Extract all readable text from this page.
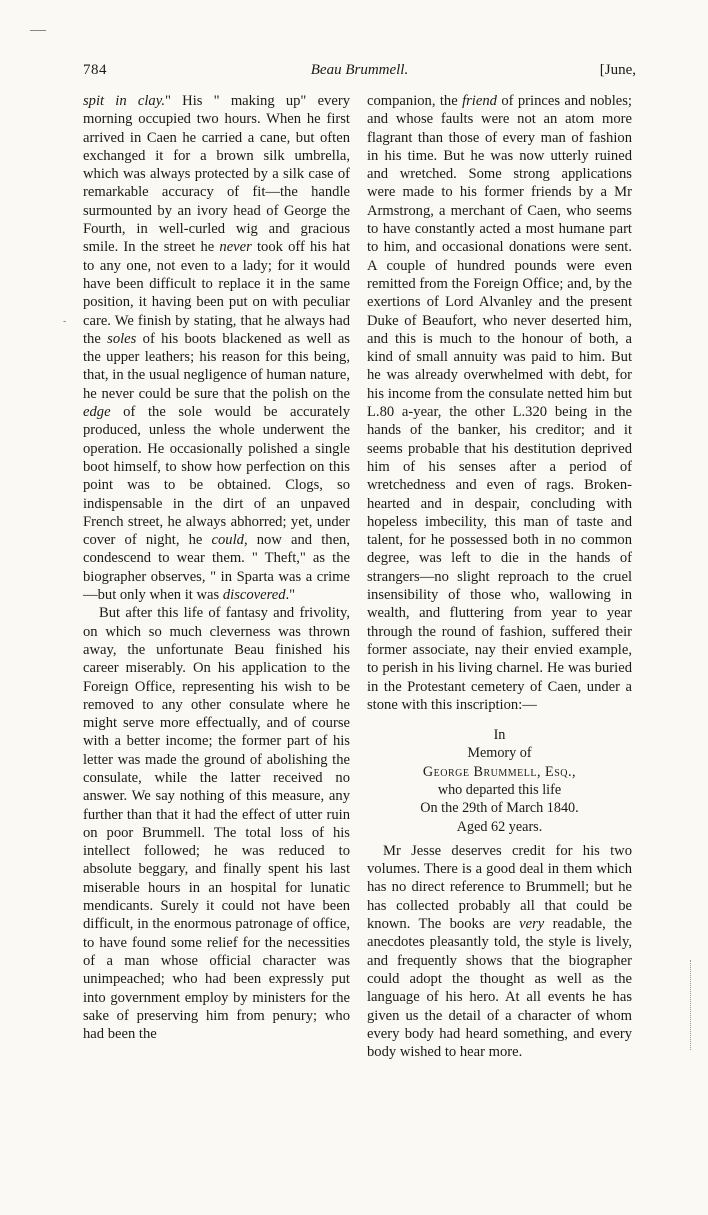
-
784	Beau Brummell.	[June,

spit in clay." His " making up" every morning occupied two hours. When he first arrived in Caen he carried a cane, but often exchanged it for a brown silk umbrella, which was always protected by a silk case of remarkable accuracy of fit—the handle surmounted by an ivory head of George the Fourth, in well-curled wig and gracious smile. In the street he never took off his hat to any one, not even to a lady; for it would have been difficult to replace it in the same position, it having been put on with peculiar care. We finish by stating, that he always had the soles of his boots blackened as well as the upper leathers; his reason for this being, that, in the usual negligence of human nature, he never could be sure that the polish on the edge of the sole would be accurately produced, unless the whole underwent the operation. He occasionally polished a single boot himself, to show how perfection on this point was to be obtained. Clogs, so indispensable in the dirt of an unpaved French street, he always abhorred; yet, under cover of night, he could, now and then, condescend to wear them. " Theft," as the biographer observes, " in Sparta was a crime—but only when it was discovered."

But after this life of fantasy and frivolity, on which so much cleverness was thrown away, the unfortunate Beau finished his career miserably. On his application to the Foreign Office, representing his wish to be removed to any other consulate where he might serve more effectually, and of course with a better income; the former part of his letter was made the ground of abolishing the consulate, while the latter received no answer. We say nothing of this measure, any further than that it had the effect of utter ruin on poor Brummell. The total loss of his intellect followed; he was reduced to absolute beggary, and finally spent his last miserable hours in an hospital for lunatic mendicants. Surely it could not have been difficult, in the enormous patronage of office, to have found some relief for the necessities of a man whose official character was unimpeached; who had been expressly put into government employ by ministers for the sake of preserving him from penury; who had been the

companion, the friend of princes and nobles; and whose faults were not an atom more flagrant than those of every man of fashion in his time. But he was now utterly ruined and wretched. Some strong applications were made to his former friends by a Mr Armstrong, a merchant of Caen, who seems to have constantly acted a most humane part to him, and occasional donations were sent. A couple of hundred pounds were even remitted from the Foreign Office; and, by the exertions of Lord Alvanley and the present Duke of Beaufort, who never deserted him, and this is much to the honour of both, a kind of small annuity was paid to him. But he was already overwhelmed with debt, for his income from the consulate netted him but L.80 a-year, the other L.320 being in the hands of the banker, his creditor; and it seems probable that his destitution deprived him of his senses after a period of wretchedness and even of rags. Broken-hearted and in despair, concluding with hopeless imbecility, this man of taste and talent, for he possessed both in no common degree, was left to die in the hands of strangers—no slight reproach to the cruel insensibility of those who, wallowing in wealth, and fluttering from year to year through the round of fashion, suffered their former associate, nay their envied example, to perish in his living charnel. He was buried in the Protestant cemetery of Caen, under a stone with this inscription:—

In
Memory of
George Brummell, Esq.,
who departed this life
On the 29th of March 1840.
Aged 62 years.

Mr Jesse deserves credit for his two volumes. There is a good deal in them which has no direct reference to Brummell; but he has collected probably all that could be known. The books are very readable, the anecdotes pleasantly told, the style is lively, and frequently shows that the biographer could adopt the thought as well as the language of his hero. At all events he has given us the detail of a character of whom every body had heard something, and every body wished to hear more.
